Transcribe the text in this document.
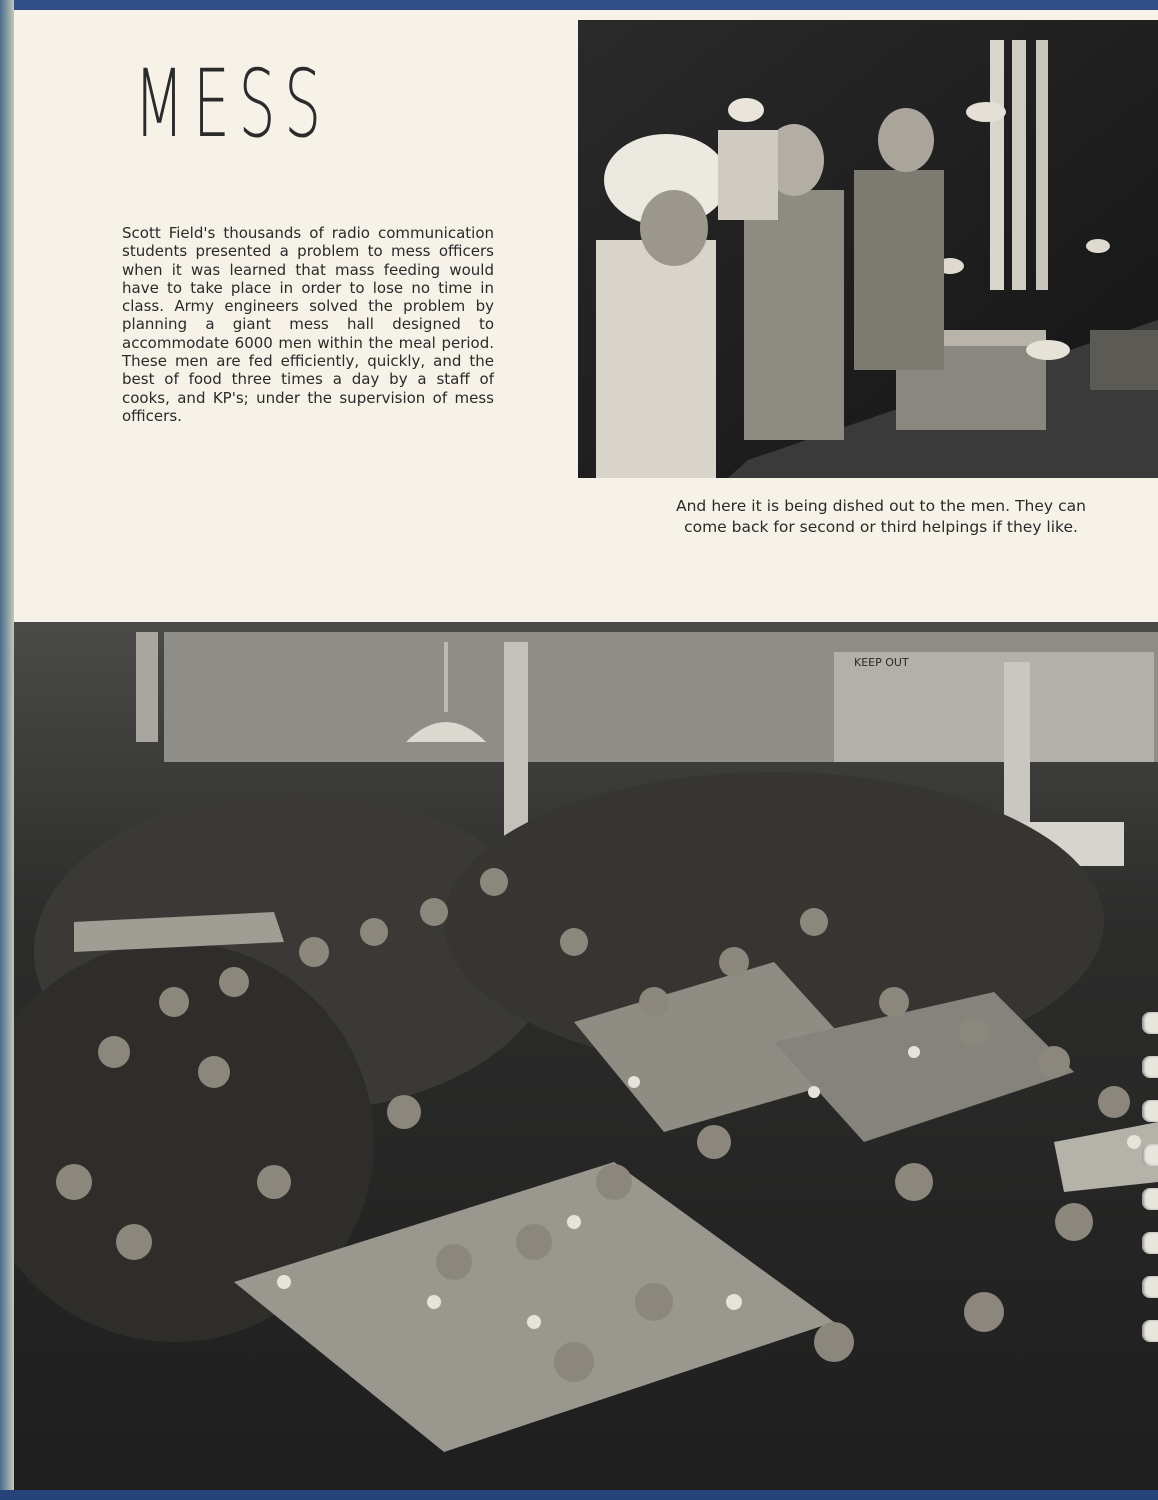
MESS

Scott Field's thousands of radio communication students presented a problem to mess officers when it was learned that mass feeding would have to take place in order to lose no time in class. Army engineers solved the problem by planning a giant mess hall designed to accommodate 6000 men within the meal period. These men are fed efficiently, quickly, and the best of food three times a day by a staff of cooks, and KP's; under the supervision of mess officers.

And here it is being dished out to the men. They can come back for second or third helpings if they like.

KEEP OUT
